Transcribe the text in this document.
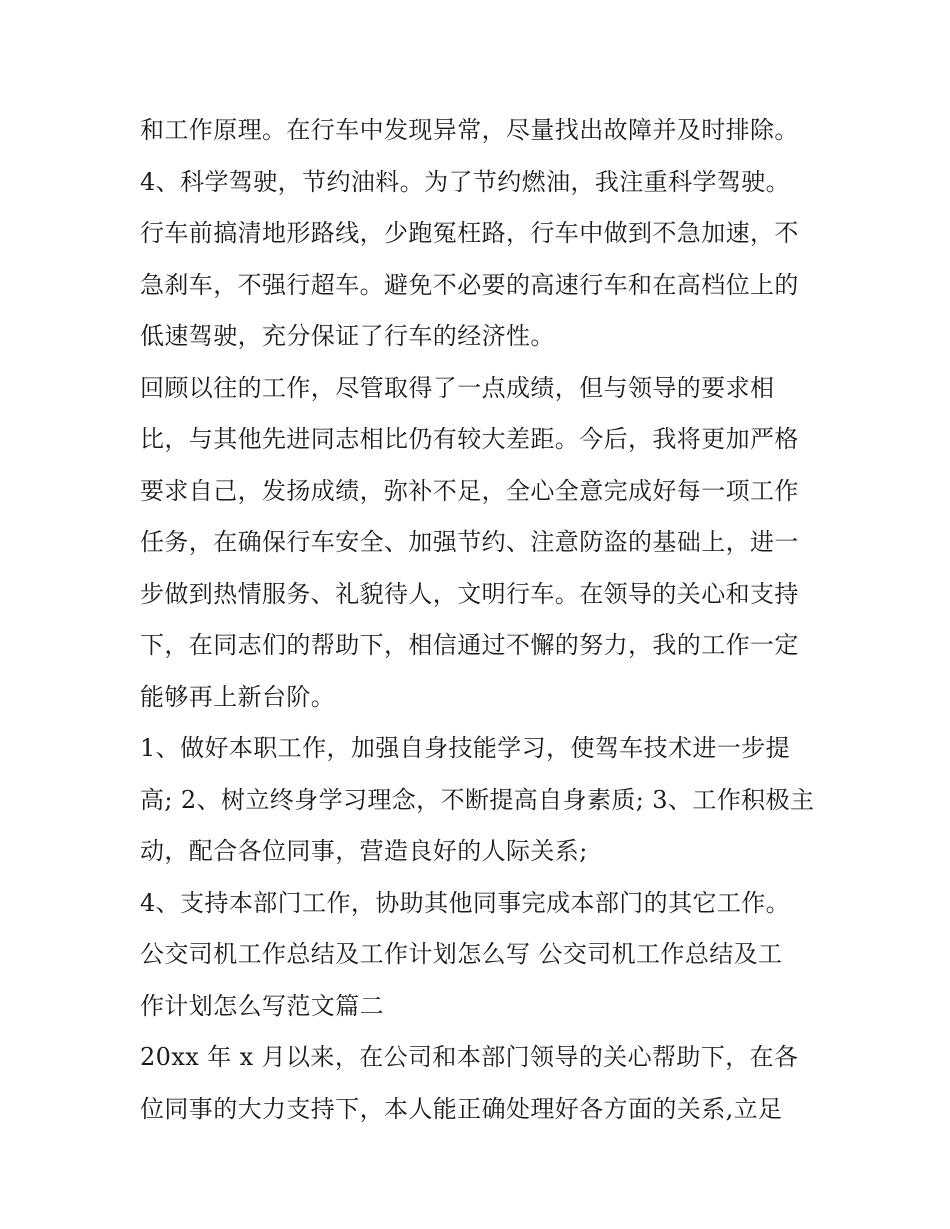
和工作原理。在行车中发现异常，尽量找出故障并及时排除。
4、科学驾驶，节约油料。为了节约燃油，我注重科学驾驶。
行车前搞清地形路线，少跑冤枉路，行车中做到不急加速，不
急刹车，不强行超车。避免不必要的高速行车和在高档位上的
低速驾驶，充分保证了行车的经济性。
回顾以往的工作，尽管取得了一点成绩，但与领导的要求相
比，与其他先进同志相比仍有较大差距。今后，我将更加严格
要求自己，发扬成绩，弥补不足，全心全意完成好每一项工作
任务，在确保行车安全、加强节约、注意防盗的基础上，进一
步做到热情服务、礼貌待人，文明行车。在领导的关心和支持
下，在同志们的帮助下，相信通过不懈的努力，我的工作一定
能够再上新台阶。
1、做好本职工作，加强自身技能学习，使驾车技术进一步提
高; 2、树立终身学习理念，不断提高自身素质; 3、工作积极主
动，配合各位同事，营造良好的人际关系;
4、支持本部门工作，协助其他同事完成本部门的其它工作。
公交司机工作总结及工作计划怎么写 公交司机工作总结及工
作计划怎么写范文篇二
20xx 年 x 月以来，在公司和本部门领导的关心帮助下，在各
位同事的大力支持下，本人能正确处理好各方面的关系,立足
